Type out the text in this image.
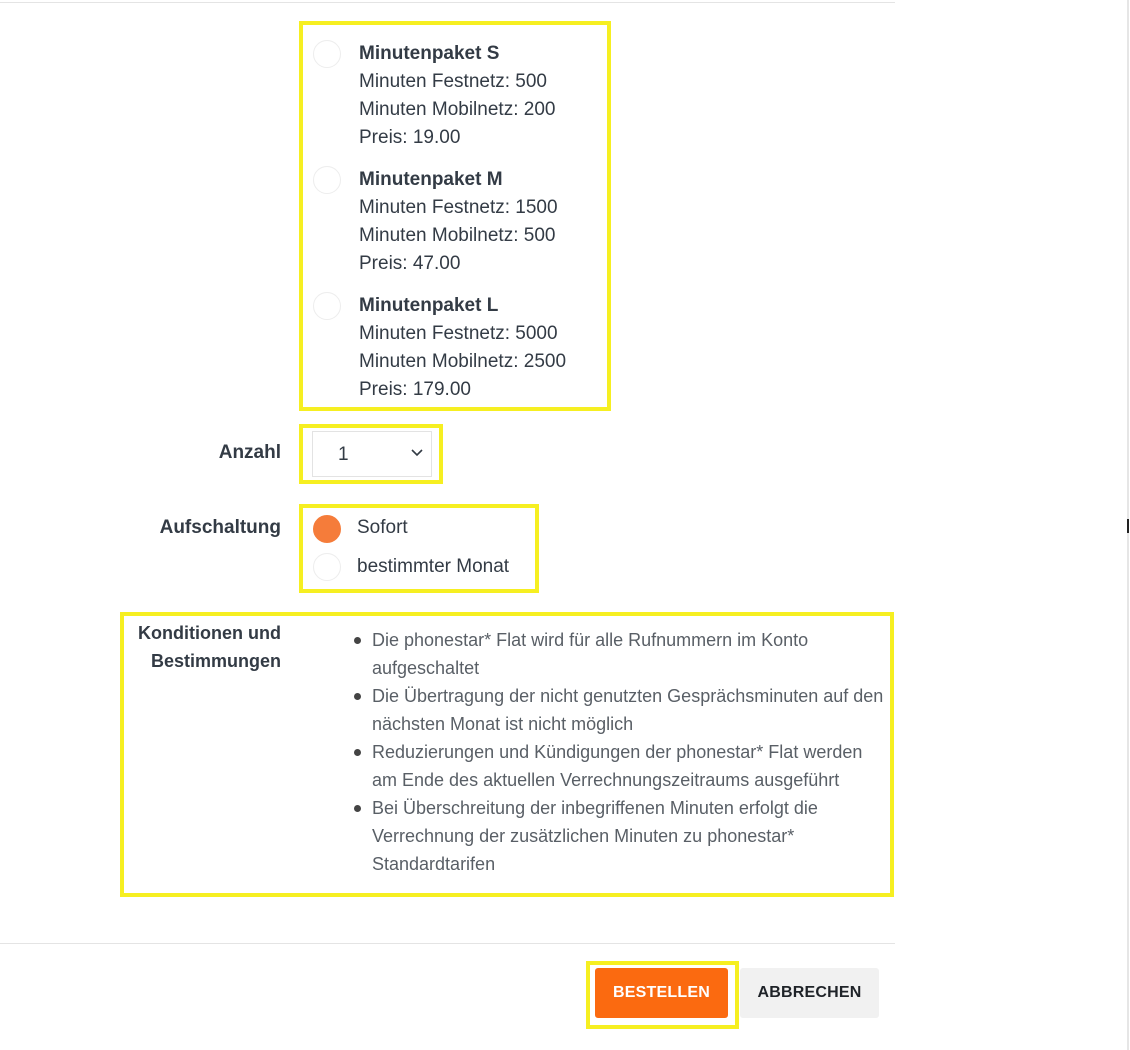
Minutenpaket S
Minuten Festnetz: 500
Minuten Mobilnetz: 200
Preis: 19.00
Minutenpaket M
Minuten Festnetz: 1500
Minuten Mobilnetz: 500
Preis: 47.00
Minutenpaket L
Minuten Festnetz: 5000
Minuten Mobilnetz: 2500
Preis: 179.00
Anzahl	1
Aufschaltung	Sofort
bestimmter Monat
Konditionen und Bestimmungen
Die phonestar* Flat wird für alle Rufnummern im Konto aufgeschaltet
Die Übertragung der nicht genutzten Gesprächsminuten auf den nächsten Monat ist nicht möglich
Reduzierungen und Kündigungen der phonestar* Flat werden am Ende des aktuellen Verrechnungszeitraums ausgeführt
Bei Überschreitung der inbegriffenen Minuten erfolgt die Verrechnung der zusätzlichen Minuten zu phonestar* Standardtarifen
BESTELLEN	ABBRECHEN
